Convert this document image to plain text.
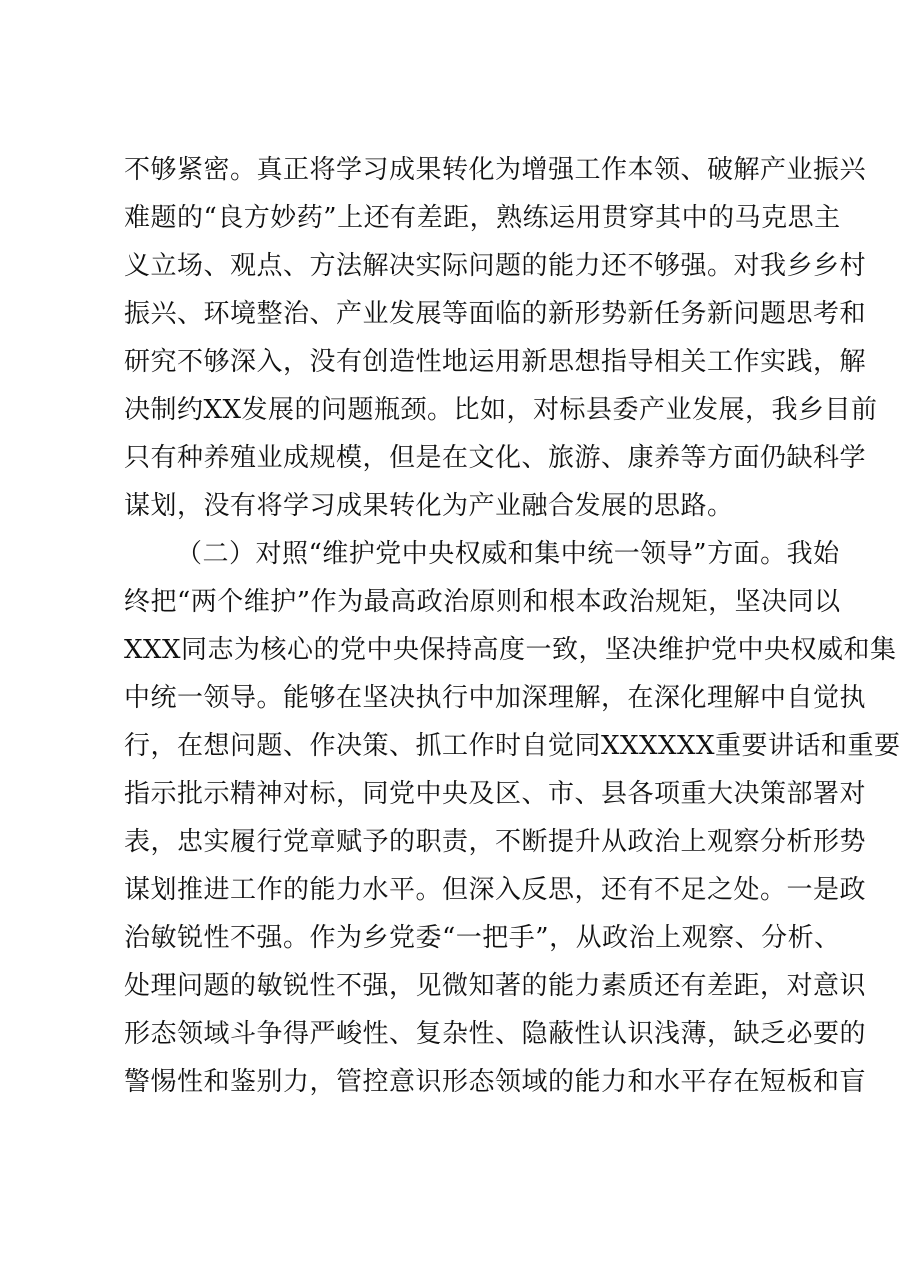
不够紧密。真正将学习成果转化为增强工作本领、破解产业振兴
难题的“良方妙药”上还有差距，熟练运用贯穿其中的马克思主
义立场、观点、方法解决实际问题的能力还不够强。对我乡乡村
振兴、环境整治、产业发展等面临的新形势新任务新问题思考和
研究不够深入，没有创造性地运用新思想指导相关工作实践，解
决制约XX发展的问题瓶颈。比如，对标县委产业发展，我乡目前
只有种养殖业成规模，但是在文化、旅游、康养等方面仍缺科学
谋划，没有将学习成果转化为产业融合发展的思路。
（二）对照“维护党中央权威和集中统一领导”方面。我始
终把“两个维护”作为最高政治原则和根本政治规矩，坚决同以
XXX同志为核心的党中央保持高度一致，坚决维护党中央权威和集
中统一领导。能够在坚决执行中加深理解，在深化理解中自觉执
行，在想问题、作决策、抓工作时自觉同XXXXXX重要讲话和重要
指示批示精神对标，同党中央及区、市、县各项重大决策部署对
表，忠实履行党章赋予的职责，不断提升从政治上观察分析形势
谋划推进工作的能力水平。但深入反思，还有不足之处。一是政
治敏锐性不强。作为乡党委“一把手”，从政治上观察、分析、
处理问题的敏锐性不强，见微知著的能力素质还有差距，对意识
形态领域斗争得严峻性、复杂性、隐蔽性认识浅薄，缺乏必要的
警惕性和鉴别力，管控意识形态领域的能力和水平存在短板和盲
